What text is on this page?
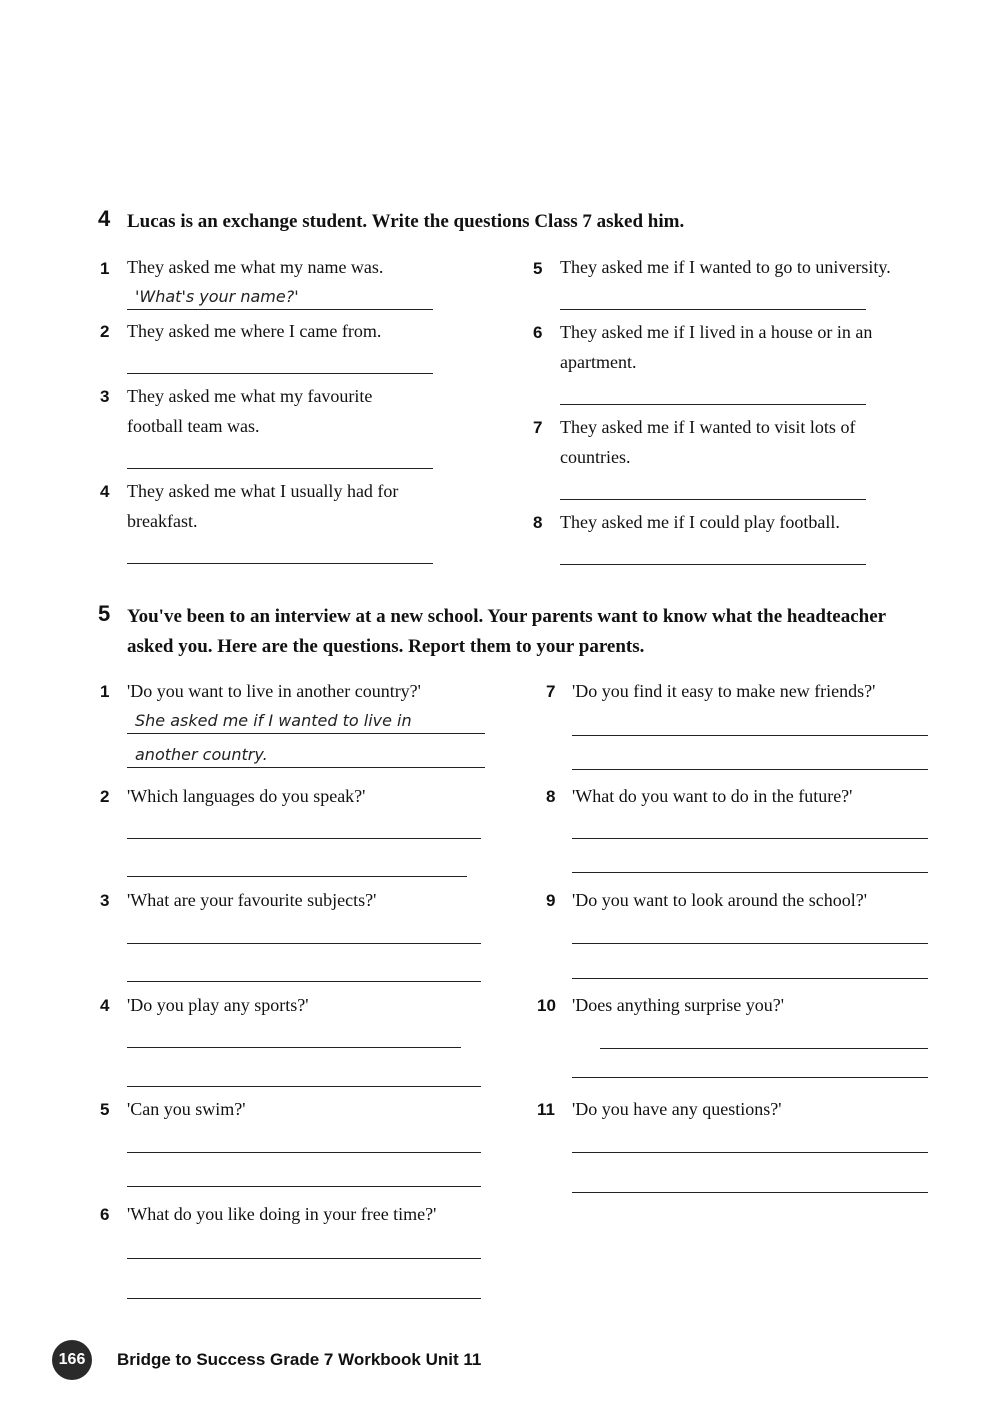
4 Lucas is an exchange student. Write the questions Class 7 asked him.
1 They asked me what my name was.
'What's your name?'
2 They asked me where I came from.
3 They asked me what my favourite football team was.
4 They asked me what I usually had for breakfast.
5 They asked me if I wanted to go to university.
6 They asked me if I lived in a house or in an apartment.
7 They asked me if I wanted to visit lots of countries.
8 They asked me if I could play football.
5 You've been to an interview at a new school. Your parents want to know what the headteacher asked you. Here are the questions. Report them to your parents.
1 'Do you want to live in another country?'
She asked me if I wanted to live in
another country.
2 'Which languages do you speak?'
3 'What are your favourite subjects?'
4 'Do you play any sports?'
5 'Can you swim?'
6 'What do you like doing in your free time?'
7 'Do you find it easy to make new friends?'
8 'What do you want to do in the future?'
9 'Do you want to look around the school?'
10 'Does anything surprise you?'
11 'Do you have any questions?'
166	Bridge to Success Grade 7 Workbook Unit 11
